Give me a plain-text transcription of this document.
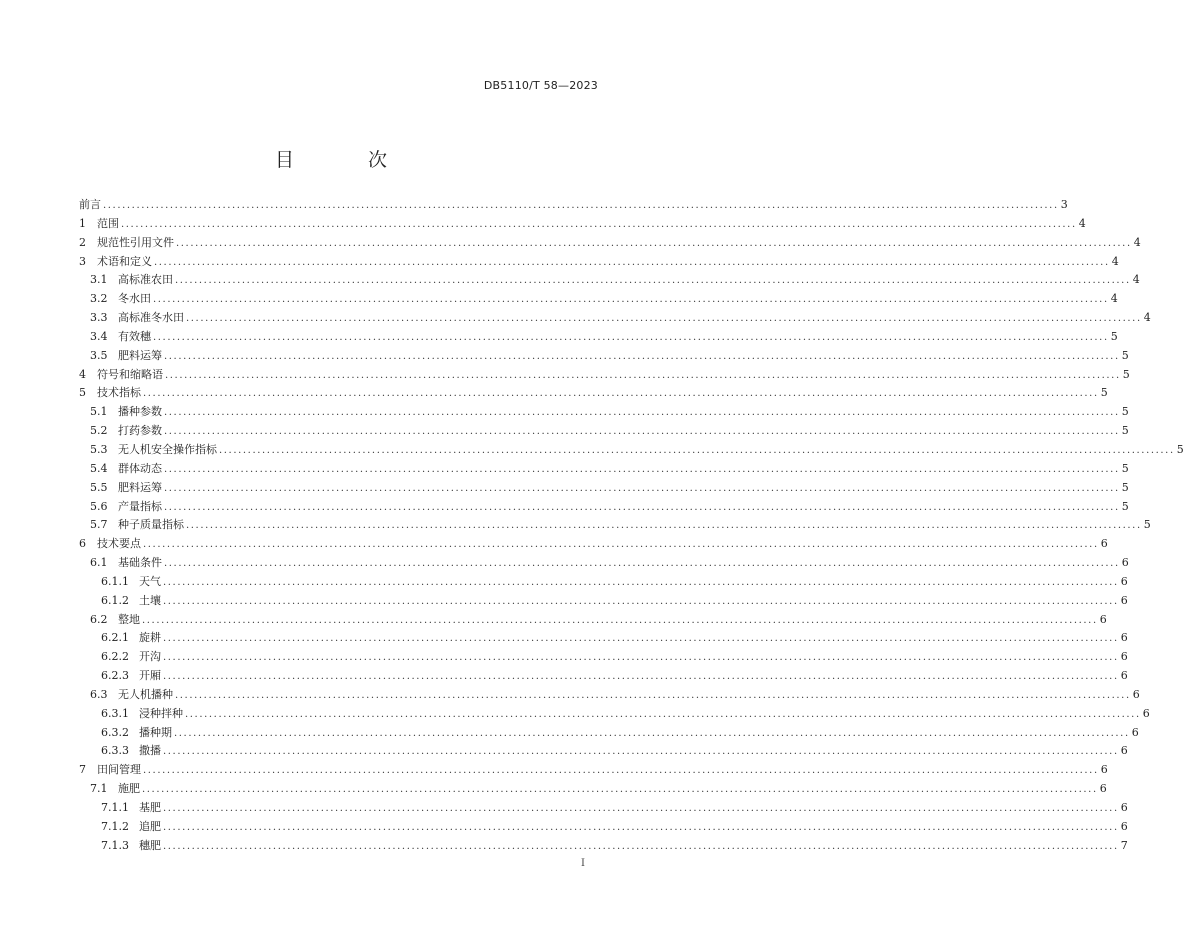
DB5110/T 58—2023
目 次
前言 ........................................................................................................................................................................................................ 3
1 范围 ........................................................................................................................................................................................................ 4
2 规范性引用文件 ........................................................................................................................................................................................................ 4
3 术语和定义 ........................................................................................................................................................................................................ 4
3.1 高标准农田 ........................................................................................................................................................................................................ 4
3.2 冬水田 ........................................................................................................................................................................................................ 4
3.3 高标准冬水田 ........................................................................................................................................................................................................ 4
3.4 有效穗 ........................................................................................................................................................................................................ 5
3.5 肥料运筹 ........................................................................................................................................................................................................ 5
4 符号和缩略语 ........................................................................................................................................................................................................ 5
5 技术指标 ........................................................................................................................................................................................................ 5
5.1 播种参数 ........................................................................................................................................................................................................ 5
5.2 打药参数 ........................................................................................................................................................................................................ 5
5.3 无人机安全操作指标 ........................................................................................................................................................................................................ 5
5.4 群体动态 ........................................................................................................................................................................................................ 5
5.5 肥料运筹 ........................................................................................................................................................................................................ 5
5.6 产量指标 ........................................................................................................................................................................................................ 5
5.7 种子质量指标 ........................................................................................................................................................................................................ 5
6 技术要点 ........................................................................................................................................................................................................ 6
6.1 基础条件 ........................................................................................................................................................................................................ 6
6.1.1 天气 ........................................................................................................................................................................................................ 6
6.1.2 土壤 ........................................................................................................................................................................................................ 6
6.2 整地 ........................................................................................................................................................................................................ 6
6.2.1 旋耕 ........................................................................................................................................................................................................ 6
6.2.2 开沟 ........................................................................................................................................................................................................ 6
6.2.3 开厢 ........................................................................................................................................................................................................ 6
6.3 无人机播种 ........................................................................................................................................................................................................ 6
6.3.1 浸种拌种 ........................................................................................................................................................................................................ 6
6.3.2 播种期 ........................................................................................................................................................................................................ 6
6.3.3 撒播 ........................................................................................................................................................................................................ 6
7 田间管理 ........................................................................................................................................................................................................ 6
7.1 施肥 ........................................................................................................................................................................................................ 6
7.1.1 基肥 ........................................................................................................................................................................................................ 6
7.1.2 追肥 ........................................................................................................................................................................................................ 6
7.1.3 穗肥 ........................................................................................................................................................................................................ 7
I
